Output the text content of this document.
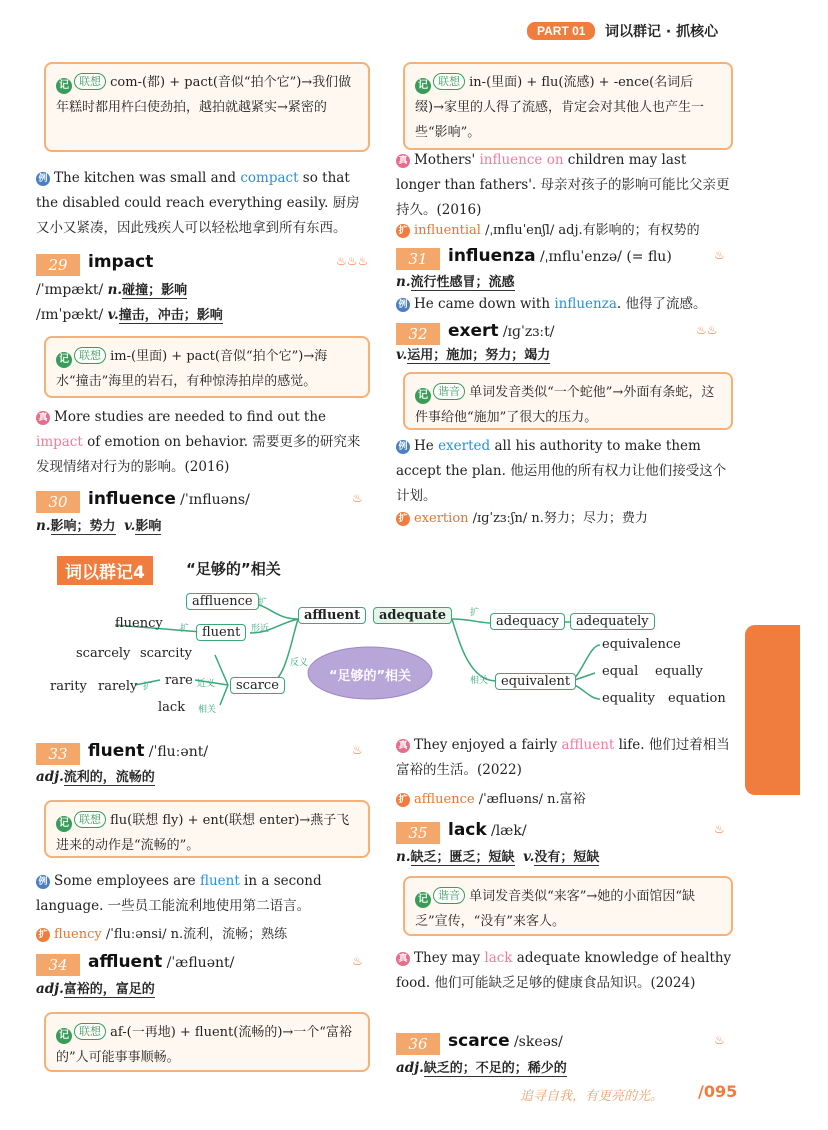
PART 01	词以群记 · 抓核心
记 联想 com-(都) + pact(音似“拍个它”)→我们做年糕时都用杵臼使劲拍，越拍就越紧实→紧密的
例 The kitchen was small and compact so that the disabled could reach everything easily. 厨房又小又紧凑，因此残疾人可以轻松地拿到所有东西。
29 impact	♨♨♨
/ˈɪmpækt/ n.碰撞；影响
/ɪmˈpækt/ v.撞击，冲击；影响
记 联想 im-(里面) + pact(音似“拍个它”)→海水“撞击”海里的岩石，有种惊涛拍岸的感觉。
真 More studies are needed to find out the impact of emotion on behavior. 需要更多的研究来发现情绪对行为的影响。(2016)
30 influence /ˈɪnfluəns/	♨
n.影响；势力 v.影响
记 联想 in-(里面) + flu(流感) + -ence(名词后缀)→家里的人得了流感，肯定会对其他人也产生一些“影响”。
真 Mothers' influence on children may last longer than fathers'. 母亲对孩子的影响可能比父亲更持久。(2016)
扩 influential /ˌɪnfluˈenʃl/ adj.有影响的；有权势的
31 influenza /ˌɪnfluˈenzə/ (= flu)	♨
n.流行性感冒；流感
例 He came down with influenza. 他得了流感。
32 exert /ɪɡˈzɜːt/	♨♨
v.运用；施加；努力；竭力
记 谐音 单词发音类似“一个蛇他”→外面有条蛇，这件事给他“施加”了很大的压力。
例 He exerted all his authority to make them accept the plan. 他运用他的所有权力让他们接受这个计划。
扩 exertion /ɪɡˈzɜːʃn/ n.努力；尽力；费力
词以群记4	“足够的”相关
affluence
fluency
fluent
扩	形近
扩
affluent	adequate
scarcely scarcity
反义
rarity rarely 扩 rare 近义	scarce
lack 相关
“足够的”相关
扩
adequacy	adequately
相关 equivalent
equivalence
equal equally
equality equation	Unit 4 Lesson 1
33 fluent /ˈfluːənt/	♨
adj.流利的，流畅的
记 联想 flu(联想 fly) + ent(联想 enter)→燕子飞进来的动作是“流畅的”。
例 Some employees are fluent in a second language. 一些员工能流利地使用第二语言。
扩 fluency /ˈfluːənsi/ n.流利，流畅；熟练
34 affluent /ˈæfluənt/	♨
adj.富裕的，富足的
记 联想 af-(一再地) + fluent(流畅的)→一个“富裕的”人可能事事顺畅。
真 They enjoyed a fairly affluent life. 他们过着相当富裕的生活。(2022)
扩 affluence /ˈæfluəns/ n.富裕
35 lack /læk/	♨
n.缺乏；匮乏；短缺 v.没有；短缺
记 谐音 单词发音类似“来客”→她的小面馆因“缺乏”宣传，“没有”来客人。
真 They may lack adequate knowledge of healthy food. 他们可能缺乏足够的健康食品知识。(2024)
36 scarce /skeəs/	♨
adj.缺乏的；不足的；稀少的
追寻自我，有更亮的光。 /095
